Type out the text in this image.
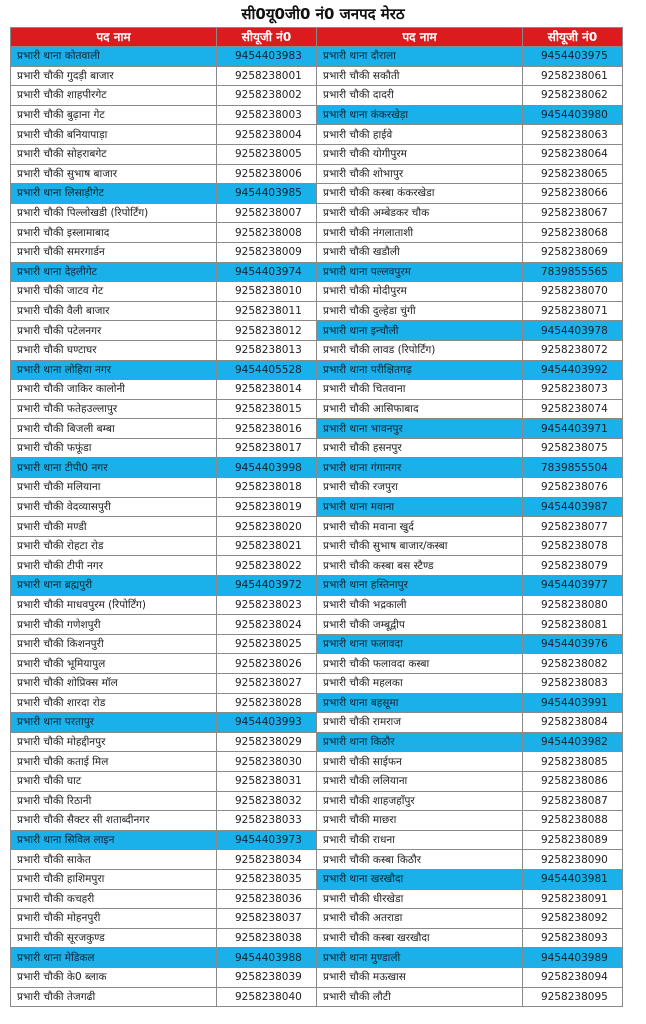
सी0यू0जी0 नं0 जनपद मेरठ
पद नाम	सीयूजी नं0	पद नाम	सीयूजी नं0
प्रभारी थाना कोतवाली	9454403983	प्रभारी थाना दौराला	9454403975
प्रभारी चौकी गुदड़ी बाजार	9258238001	प्रभारी चौकी सकौती	9258238061
प्रभारी चौकी शाहपीरगेट	9258238002	प्रभारी चौकी दादरी	9258238062
प्रभारी चौकी बुढ़ाना गेट	9258238003	प्रभारी थाना कंकरखेड़ा	9454403980
प्रभारी चौकी बनियापाड़ा	9258238004	प्रभारी चौकी हाईवे	9258238063
प्रभारी चौकी सोहराबगेट	9258238005	प्रभारी चौकी योगीपुरम	9258238064
प्रभारी चौकी सुभाष बाजार	9258238006	प्रभारी चौकी शोभापुर	9258238065
प्रभारी थाना लिसाड़ीगेट	9454403985	प्रभारी चौकी कस्बा कंकरखेडा	9258238066
प्रभारी चौकी पिल्लोखडी (रिपोर्टिंग)	9258238007	प्रभारी चौकी अम्बेडकर चौक	9258238067
प्रभारी चौकी इस्लामाबाद	9258238008	प्रभारी चौकी नंगलाताशी	9258238068
प्रभारी चौकी समरगार्डन	9258238009	प्रभारी चौकी खडौली	9258238069
प्रभारी थाना देहलीगेट	9454403974	प्रभारी थाना पल्लवपुरम	7839855565
प्रभारी चौकी जाटव गेट	9258238010	प्रभारी चौकी मोदीपुरम	9258238070
प्रभारी चौकी वैली बाजार	9258238011	प्रभारी चौकी दुल्हेडा चुंगी	9258238071
प्रभारी चौकी पटेलनगर	9258238012	प्रभारी थाना इन्चौली	9454403978
प्रभारी चौकी घण्टाघर	9258238013	प्रभारी चौकी लावड (रिपोर्टिंग)	9258238072
प्रभारी थाना लोहिया नगर	9454405528	प्रभारी थाना परीक्षितगढ़	9454403992
प्रभारी चौकी जाकिर कालोनी	9258238014	प्रभारी चौकी चितवाना	9258238073
प्रभारी चौकी फतेहउल्लापुर	9258238015	प्रभारी चौकी आसिफाबाद	9258238074
प्रभारी चौकी बिजली बम्बा	9258238016	प्रभारी थाना भावनपुर	9454403971
प्रभारी चौकी फफूंडा	9258238017	प्रभारी चौकी हसनपुर	9258238075
प्रभारी थाना टीपी0 नगर	9454403998	प्रभारी थाना गंगानगर	7839855504
प्रभारी चौकी मलियाना	9258238018	प्रभारी चौकी रजपुरा	9258238076
प्रभारी चौकी वेदव्यासपुरी	9258238019	प्रभारी थाना मवाना	9454403987
प्रभारी चौकी मण्डी	9258238020	प्रभारी चौकी मवाना खुर्द	9258238077
प्रभारी चौकी रोहटा रोड	9258238021	प्रभारी चौकी सुभाष बाजार/कस्बा	9258238078
प्रभारी चौकी टीपी नगर	9258238022	प्रभारी चौकी कस्बा बस स्टैण्ड	9258238079
प्रभारी थाना ब्रह्मपुरी	9454403972	प्रभारी थाना हस्तिनापुर	9454403977
प्रभारी चौकी माधवपुरम (रिपोर्टिंग)	9258238023	प्रभारी चौकी भद्रकाली	9258238080
प्रभारी चौकी गणेशपुरी	9258238024	प्रभारी चौकी जम्बूद्वीप	9258238081
प्रभारी चौकी किशनपुरी	9258238025	प्रभारी थाना फलावदा	9454403976
प्रभारी चौकी भूमियापुल	9258238026	प्रभारी चौकी फलावदा कस्बा	9258238082
प्रभारी चौकी शोप्रिक्स मॉल	9258238027	प्रभारी चौकी महलका	9258238083
प्रभारी चौकी शारदा रोड	9258238028	प्रभारी थाना बहसूमा	9454403991
प्रभारी थाना परतापुर	9454403993	प्रभारी चौकी रामराज	9258238084
प्रभारी चौकी मोहद्दीनपुर	9258238029	प्रभारी थाना किठौर	9454403982
प्रभारी चौकी कताई मिल	9258238030	प्रभारी चौकी साईफन	9258238085
प्रभारी चौकी घाट	9258238031	प्रभारी चौकी ललियाना	9258238086
प्रभारी चौकी रिठानी	9258238032	प्रभारी चौकी शाहजहाँपुर	9258238087
प्रभारी चौकी सैक्टर सी शताब्दीनगर	9258238033	प्रभारी चौकी माछरा	9258238088
प्रभारी थाना सिविल लाइन	9454403973	प्रभारी चौकी राधना	9258238089
प्रभारी चौकी साकेत	9258238034	प्रभारी चौकी कस्बा किठौर	9258238090
प्रभारी चौकी हाशिमपुरा	9258238035	प्रभारी थाना खरखौदा	9454403981
प्रभारी चौकी कचहरी	9258238036	प्रभारी चौकी धीरखेडा	9258238091
प्रभारी चौकी मोहनपुरी	9258238037	प्रभारी चौकी अतराडा	9258238092
प्रभारी चौकी सूरजकुण्ड	9258238038	प्रभारी चौकी कस्बा खरखौदा	9258238093
प्रभारी थाना मेडिकल	9454403988	प्रभारी थाना मुण्डाली	9454403989
प्रभारी चौकी के0 ब्लाक	9258238039	प्रभारी चौकी मऊखास	9258238094
प्रभारी चौकी तेजगढी	9258238040	प्रभारी चौकी लौटी	9258238095
